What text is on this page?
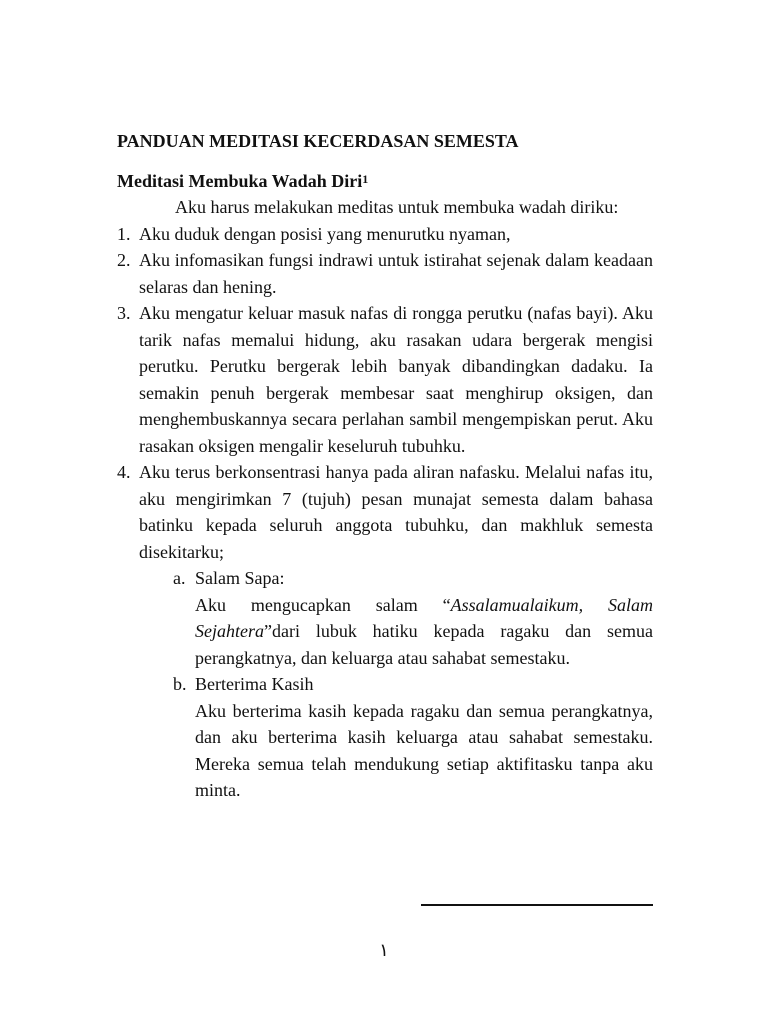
PANDUAN MEDITASI KECERDASAN SEMESTA
Meditasi Membuka Wadah Diri$^1$

Aku harus melakukan meditas untuk membuka wadah diriku:

1. Aku duduk dengan posisi yang menurutku nyaman,
2. Aku infomasikan fungsi indrawi untuk istirahat sejenak dalam keadaan selaras dan hening.
3. Aku mengatur keluar masuk nafas di rongga perutku (nafas bayi). Aku tarik nafas memalui hidung, aku rasakan udara bergerak mengisi perutku. Perutku bergerak lebih banyak dibandingkan dadaku. Ia semakin penuh bergerak membesar saat menghirup oksigen, dan menghembuskannya secara perlahan sambil mengempiskan perut. Aku rasakan oksigen mengalir keseluruh tubuhku.
4. Aku terus berkonsentrasi hanya pada aliran nafasku. Melalui nafas itu, aku mengirimkan 7 (tujuh) pesan munajat semesta dalam bahasa batinku kepada seluruh anggota tubuhku, dan makhluk semesta disekitarku;
a. Salam Sapa:
Aku mengucapkan salam “Assalamualaikum, Salam Sejahtera”dari lubuk hatiku kepada ragaku dan semua perangkatnya, dan keluarga atau sahabat semestaku.
b. Berterima Kasih
Aku berterima kasih kepada ragaku dan semua perangkatnya, dan aku berterima kasih keluarga atau sahabat semestaku. Mereka semua telah mendukung setiap aktifitasku tanpa aku minta.
١
